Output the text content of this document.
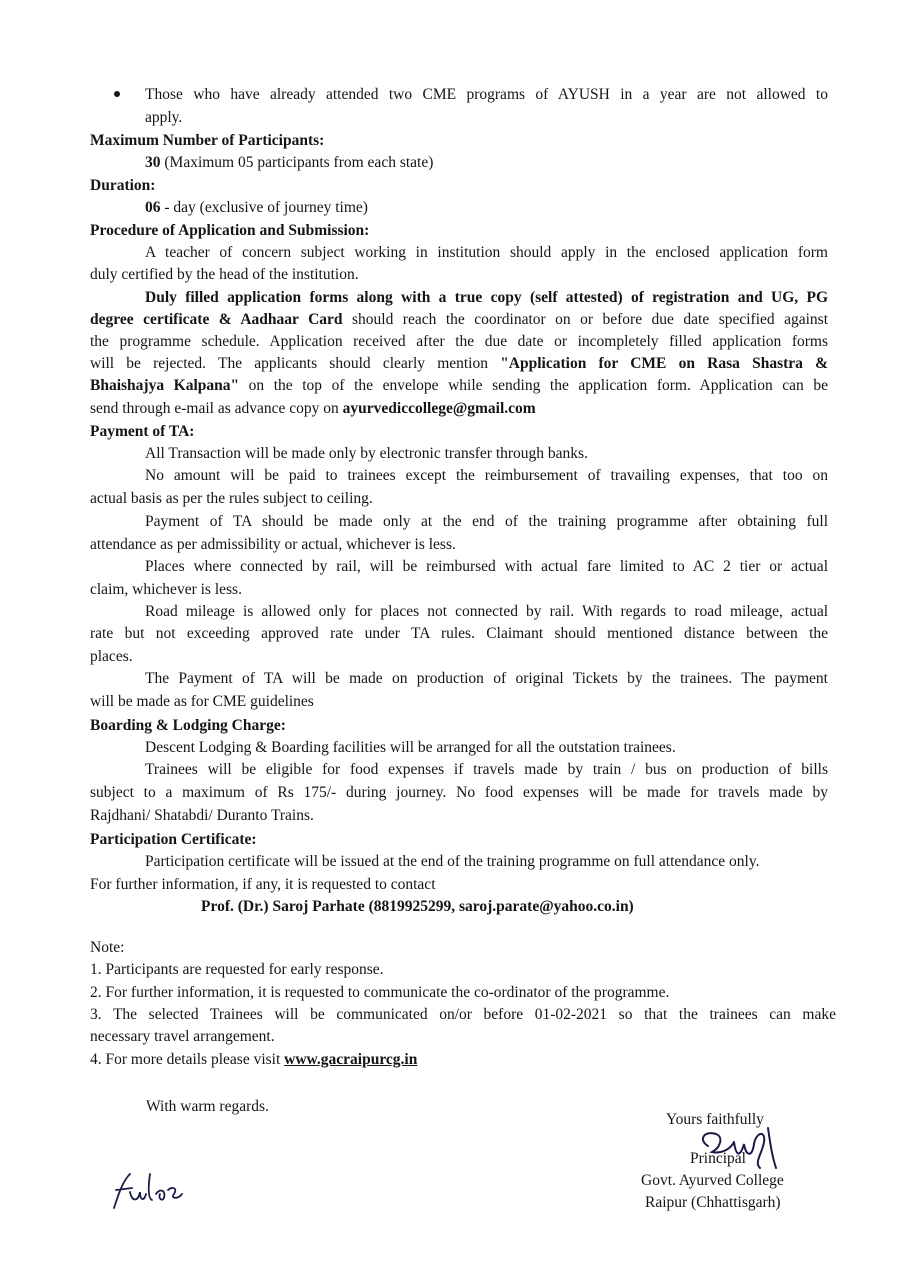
Those who have already attended two CME programs of AYUSH in a year are not allowed to
apply.
Maximum Number of Participants:
30 (Maximum 05 participants from each state)
Duration:
06 - day (exclusive of journey time)
Procedure of Application and Submission:
A teacher of concern subject working in institution should apply in the enclosed application form
duly certified by the head of the institution.
Duly filled application forms along with a true copy (self attested) of registration and UG, PG
degree certificate & Aadhaar Card should reach the coordinator on or before due date specified against
the programme schedule. Application received after the due date or incompletely filled application forms
will be rejected. The applicants should clearly mention "Application for CME on Rasa Shastra &
Bhaishajya Kalpana" on the top of the envelope while sending the application form. Application can be
send through e-mail as advance copy on ayurvediccollege@gmail.com
Payment of TA:
All Transaction will be made only by electronic transfer through banks.
No amount will be paid to trainees except the reimbursement of travailing expenses, that too on
actual basis as per the rules subject to ceiling.
Payment of TA should be made only at the end of the training programme after obtaining full
attendance as per admissibility or actual, whichever is less.
Places where connected by rail, will be reimbursed with actual fare limited to AC 2 tier or actual
claim, whichever is less.
Road mileage is allowed only for places not connected by rail. With regards to road mileage, actual
rate but not exceeding approved rate under TA rules. Claimant should mentioned distance between the
places.
The Payment of TA will be made on production of original Tickets by the trainees. The payment
will be made as for CME guidelines
Boarding & Lodging Charge:
Descent Lodging & Boarding facilities will be arranged for all the outstation trainees.
Trainees will be eligible for food expenses if travels made by train / bus on production of bills
subject to a maximum of Rs 175/- during journey. No food expenses will be made for travels made by
Rajdhani/ Shatabdi/ Duranto Trains.
Participation Certificate:
Participation certificate will be issued at the end of the training programme on full attendance only.
For further information, if any, it is requested to contact
Prof. (Dr.) Saroj Parhate (8819925299, saroj.parate@yahoo.co.in)
Note:
1. Participants are requested for early response.
2. For further information, it is requested to communicate the co-ordinator of the programme.
3. The selected Trainees will be communicated on/or before 01-02-2021 so that the trainees can make
necessary travel arrangement.
4. For more details please visit www.gacraipurcg.in
With warm regards.
Yours faithfully
Principal
Govt. Ayurved College
Raipur (Chhattisgarh)
